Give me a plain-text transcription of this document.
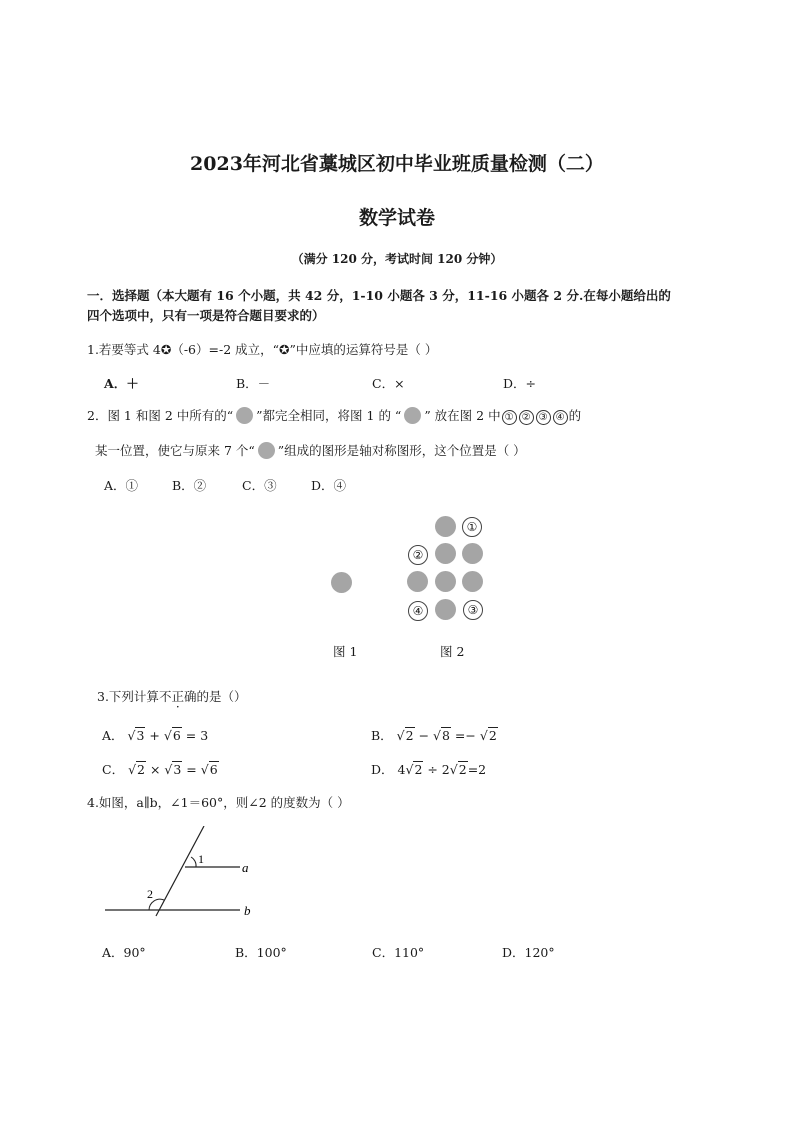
2023年河北省藁城区初中毕业班质量检测（二）
数学试卷
（满分 120 分，考试时间 120 分钟）
一．选择题（本大题有 16 个小题，共 42 分，1-10 小题各 3 分，11-16 小题各 2 分.在每小题给出的
四个选项中，只有一项是符合题目要求的）
1.若要等式 4✪（-6）=-2 成立，“✪”中应填的运算符号是（ ）
A．＋	B．－	C．×	D．÷
2．图 1 和图 2 中所有的“ ”都完全相同，将图 1 的 “ ” 放在图 2 中 ① ② ③ ④ 的
某一位置，使它与原来 7 个“ ”组成的图形是轴对称图形，这个位置是（ ）
A．①	B．②	C．③	D．④
①
②
④	③
图 1	图 2
3.下列计算不正确的是（）
A． √3 + √6 = 3	B． √2 − √8 =− √2
C． √2 × √3 = √6	D． 4√2 ÷ 2√2=2
4.如图，a∥b，∠1＝60°，则∠2 的度数为（ ）
1
2
a
b
A．90°	B．100°	C．110°	D．120°
